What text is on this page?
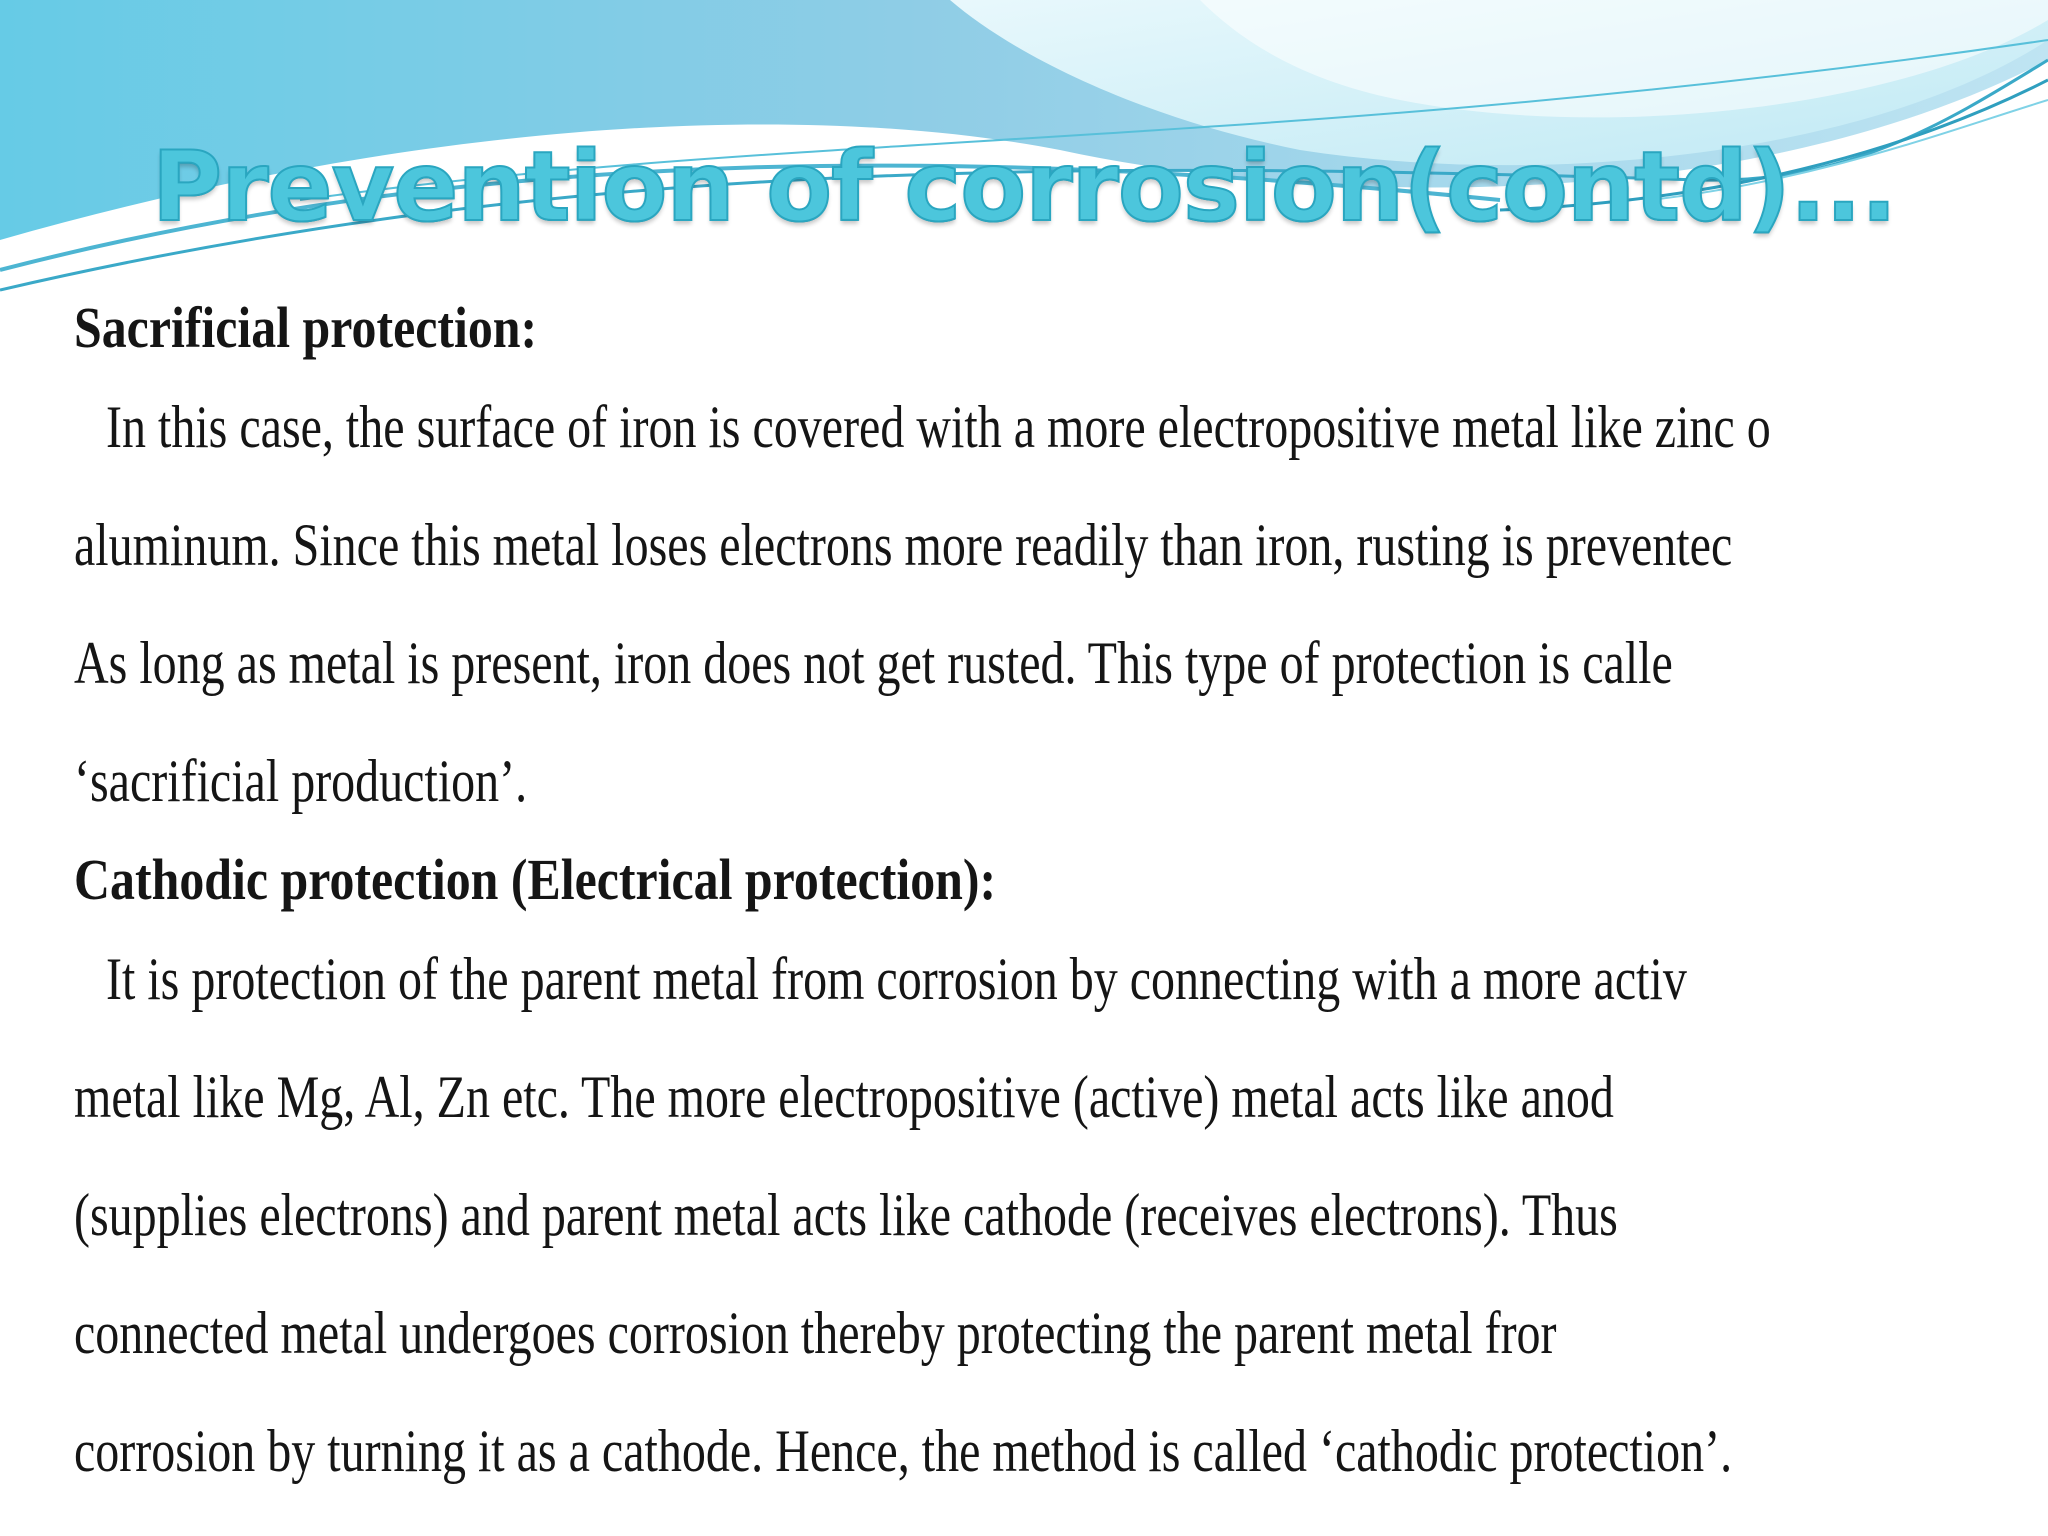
Prevention of corrosion(contd)...

Sacrificial protection:

In this case, the surface of iron is covered with a more electropositive metal like zinc o
aluminum. Since this metal loses electrons more readily than iron, rusting is preventec
As long as metal is present, iron does not get rusted. This type of protection is calle
‘sacrificial production’.

Cathodic protection (Electrical protection):

It is protection of the parent metal from corrosion by connecting with a more activ
metal like Mg, Al, Zn etc. The more electropositive (active) metal acts like anod
(supplies electrons) and parent metal acts like cathode (receives electrons). Thus
connected metal undergoes corrosion thereby protecting the parent metal fror
corrosion by turning it as a cathode. Hence, the method is called ‘cathodic protection’.
